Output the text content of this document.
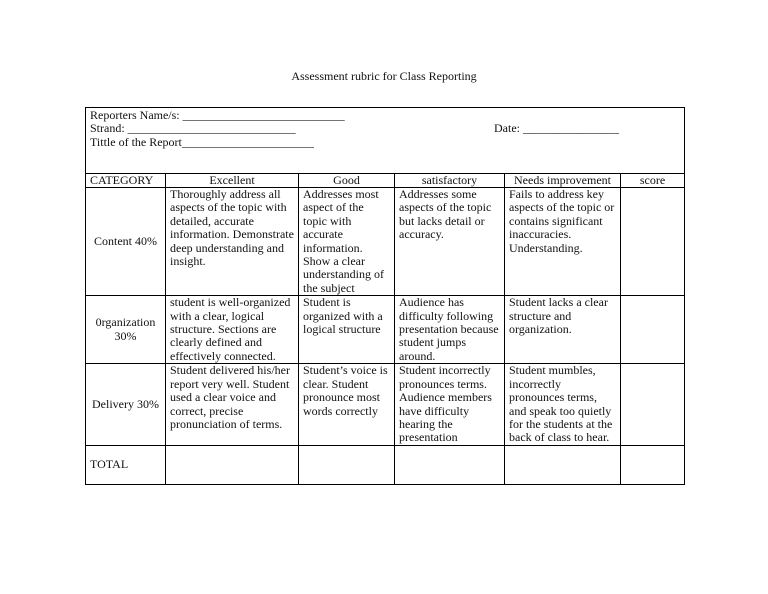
Assessment rubric for Class Reporting
Reporters Name/s: ___________________________
Strand: ____________________________ Date: ________________
Tittle of the Report______________________					

CATEGORY	Excellent	Good	satisfactory	Needs improvement	score
Content 40%	Thoroughly address all aspects of the topic with detailed, accurate information. Demonstrate deep understanding and insight.	Addresses most aspect of the topic with accurate information. Show a clear understanding of the subject	Addresses some aspects of the topic but lacks detail or accuracy.	Fails to address key aspects of the topic or contains significant inaccuracies. Understanding.	
0rganization 30%	student is well-organized with a clear, logical structure. Sections are clearly defined and effectively connected.	Student is organized with a logical structure	Audience has difficulty following presentation because student jumps around.	Student lacks a clear structure and organization.	
Delivery 30%	Student delivered his/her report very well. Student used a clear voice and correct, precise pronunciation of terms.	Student’s voice is clear. Student pronounce most words correctly	Student incorrectly pronounces terms. Audience members have difficulty hearing the presentation	Student mumbles, incorrectly pronounces terms, and speak too quietly for the students at the back of class to hear.	
TOTAL					
